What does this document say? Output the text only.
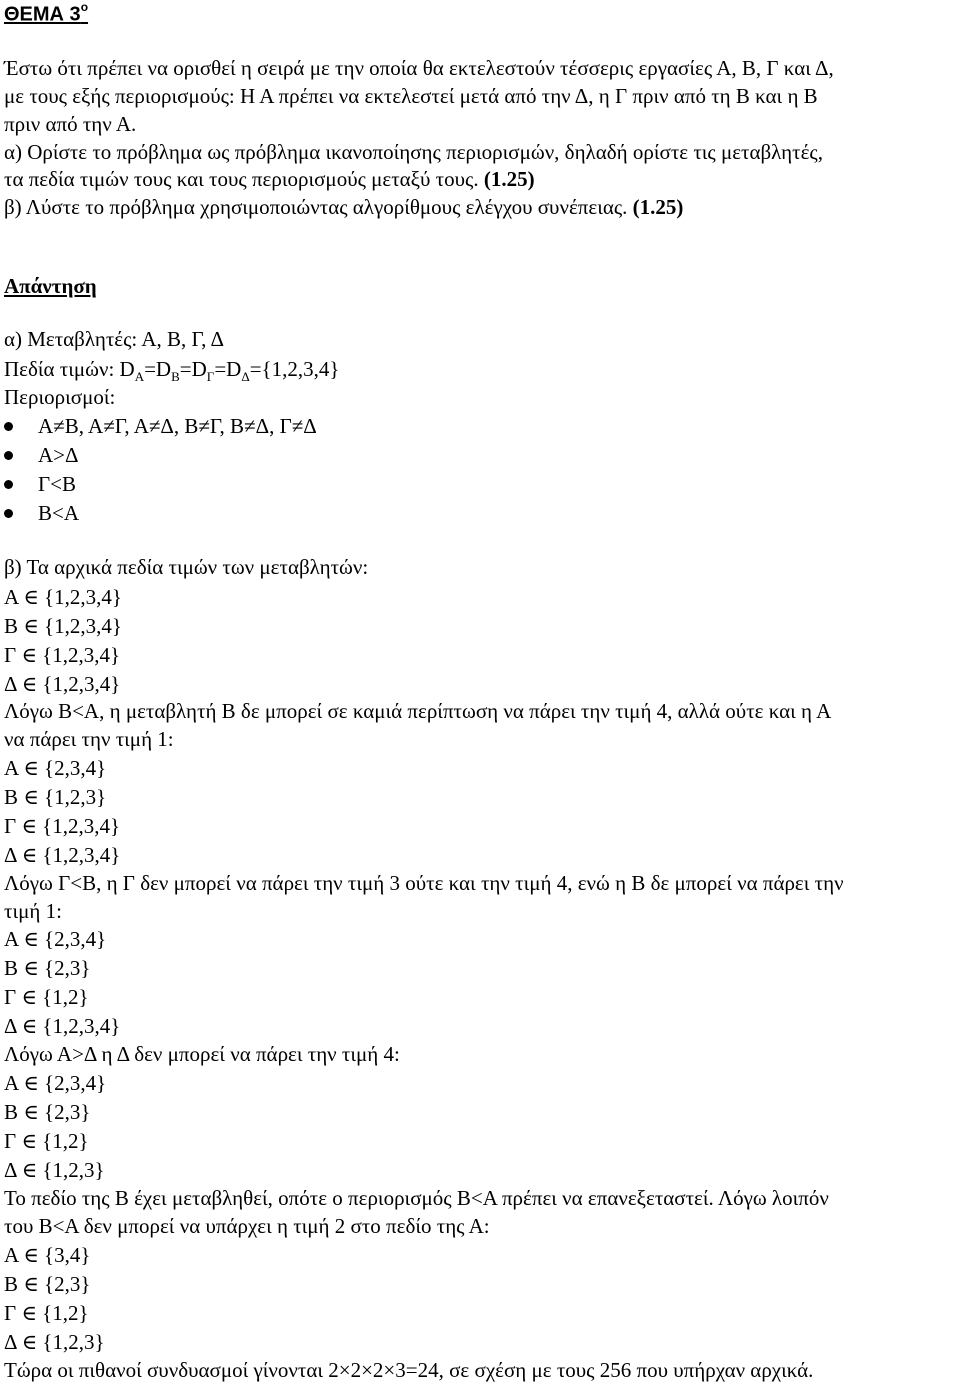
ΘΕΜΑ $3^o$
Έστω ότι πρέπει να ορισθεί η σειρά με την οποία θα εκτελεστούν τέσσερις εργασίες Α, Β, Γ και Δ,
με τους εξής περιορισμούς: Η Α πρέπει να εκτελεστεί μετά από την Δ, η Γ πριν από τη Β και η Β
πριν από την Α.
α) Ορίστε το πρόβλημα ως πρόβλημα ικανοποίησης περιορισμών, δηλαδή ορίστε τις μεταβλητές,
τα πεδία τιμών τους και τους περιορισμούς μεταξύ τους. (1.25)
β) Λύστε το πρόβλημα χρησιμοποιώντας αλγορίθμους ελέγχου συνέπειας. (1.25)
Απάντηση
α) Μεταβλητές: Α, Β, Γ, Δ
Πεδία τιμών: $D_A=D_B=D_\Gamma=D_\Delta=\{1,2,3,4\}$
Περιορισμοί:
Α≠Β, Α≠Γ, Α≠Δ, Β≠Γ, Β≠Δ, Γ≠Δ
Α>Δ
Γ<Β
Β<Α
β) Τα αρχικά πεδία τιμών των μεταβλητών:
Α ∈ {1,2,3,4}
Β ∈ {1,2,3,4}
Γ ∈ {1,2,3,4}
Δ ∈ {1,2,3,4}
Λόγω Β<Α, η μεταβλητή Β δε μπορεί σε καμιά περίπτωση να πάρει την τιμή 4, αλλά ούτε και η Α
να πάρει την τιμή 1:
Α ∈ {2,3,4}
Β ∈ {1,2,3}
Γ ∈ {1,2,3,4}
Δ ∈ {1,2,3,4}
Λόγω Γ<Β, η Γ δεν μπορεί να πάρει την τιμή 3 ούτε και την τιμή 4, ενώ η Β δε μπορεί να πάρει την
τιμή 1:
Α ∈ {2,3,4}
Β ∈ {2,3}
Γ ∈ {1,2}
Δ ∈ {1,2,3,4}
Λόγω Α>Δ η Δ δεν μπορεί να πάρει την τιμή 4:
Α ∈ {2,3,4}
Β ∈ {2,3}
Γ ∈ {1,2}
Δ ∈ {1,2,3}
Το πεδίο της Β έχει μεταβληθεί, οπότε ο περιορισμός Β<Α πρέπει να επανεξεταστεί. Λόγω λοιπόν
του Β<Α δεν μπορεί να υπάρχει η τιμή 2 στο πεδίο της Α:
Α ∈ {3,4}
Β ∈ {2,3}
Γ ∈ {1,2}
Δ ∈ {1,2,3}
Τώρα οι πιθανοί συνδυασμοί γίνονται 2×2×2×3=24, σε σχέση με τους 256 που υπήρχαν αρχικά.
